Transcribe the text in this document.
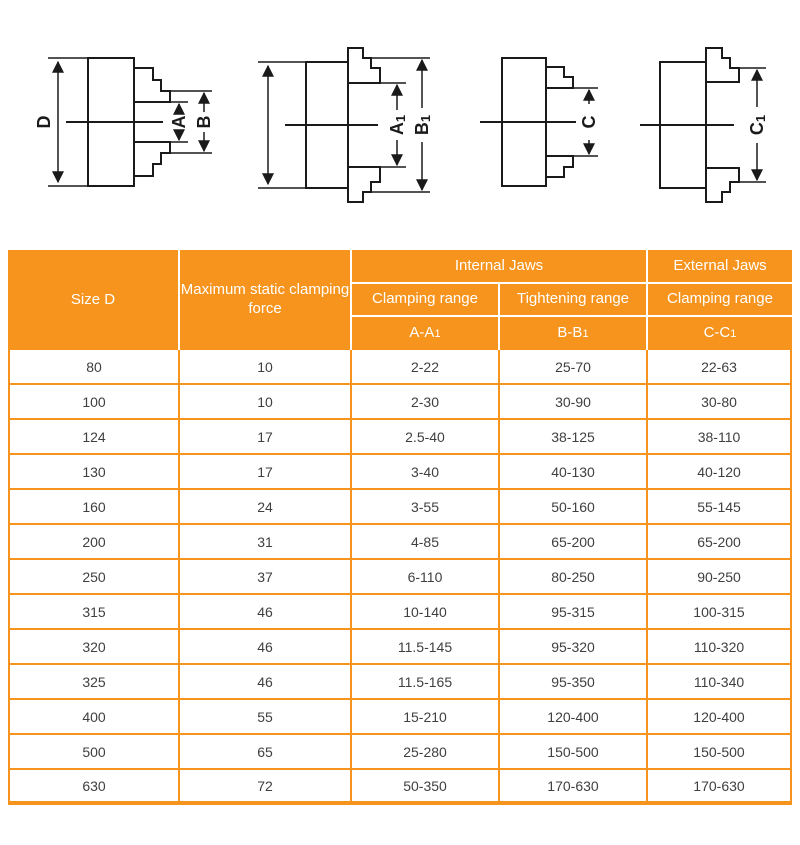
D	A B
A1
B1	C
C1
Size D	Maximum static clamping force	Internal Jaws		External Jaws
		Clamping range	Tightening range	Clamping range
		A-A1	B-B1	C-C1
80	10	2-22	25-70	22-63
100	10	2-30	30-90	30-80
124	17	2.5-40	38-125	38-110
130	17	3-40	40-130	40-120
160	24	3-55	50-160	55-145
200	31	4-85	65-200	65-200
250	37	6-110	80-250	90-250
315	46	10-140	95-315	100-315
320	46	11.5-145	95-320	110-320
325	46	11.5-165	95-350	110-340
400	55	15-210	120-400	120-400
500	65	25-280	150-500	150-500
630	72	50-350	170-630	170-630
